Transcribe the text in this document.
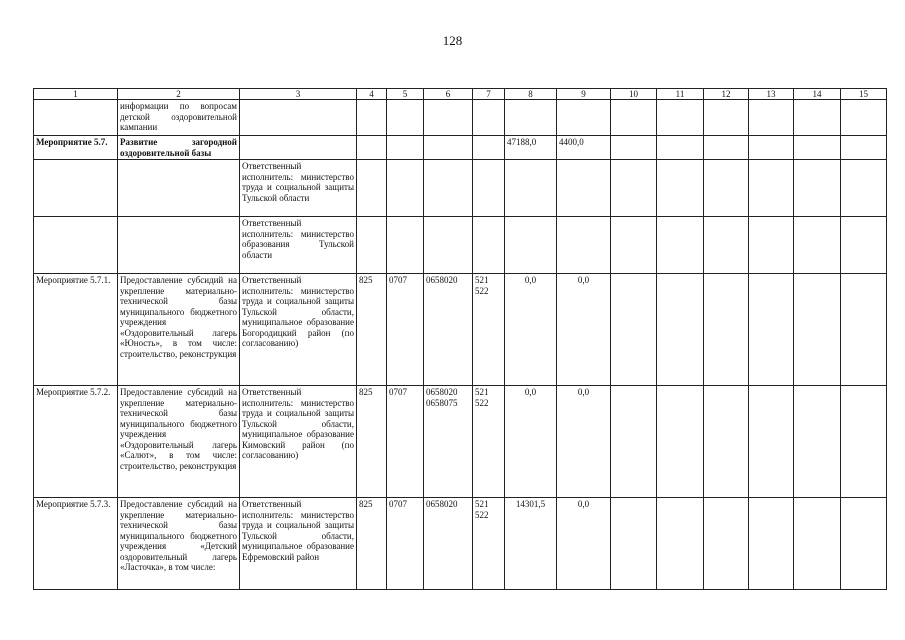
128
1	2	3	4	5	6	7	8	9	10	11	12	13	14	15
	информации по вопросам детской оздоровительной кампании													
Мероприятие 5.7.	Развитие загородной оздоровительной базы						47188,0	4400,0						
		Ответственный исполнитель: министерство труда и социальной защиты Тульской области												
		Ответственный исполнитель: министерство образования Тульской области												
Мероприятие 5.7.1.	Предоставление субсидий на укрепление материально-технической базы муниципального бюджетного учреждения «Оздоровительный лагерь «Юность», в том числе: строительство, реконструкция	Ответственный исполнитель: министерство труда и социальной защиты Тульской области, муниципальное образование Богородицкий район (по согласованию)	825	0707	0658020	521 522	0,0	0,0						
Мероприятие 5.7.2.	Предоставление субсидий на укрепление материально-технической базы муниципального бюджетного учреждения «Оздоровительный лагерь «Салют», в том числе: строительство, реконструкция	Ответственный исполнитель: министерство труда и социальной защиты Тульской области, муниципальное образование Кимовский район (по согласованию)	825	0707	0658020 0658075	521 522	0,0	0,0						
Мероприятие 5.7.3.	Предоставление субсидий на укрепление материально-технической базы муниципального бюджетного учреждения «Детский оздоровительный лагерь «Ласточка», в том числе:	Ответственный исполнитель: министерство труда и социальной защиты Тульской области, муниципальное образование Ефремовский район	825	0707	0658020	521 522	14301,5	0,0						
